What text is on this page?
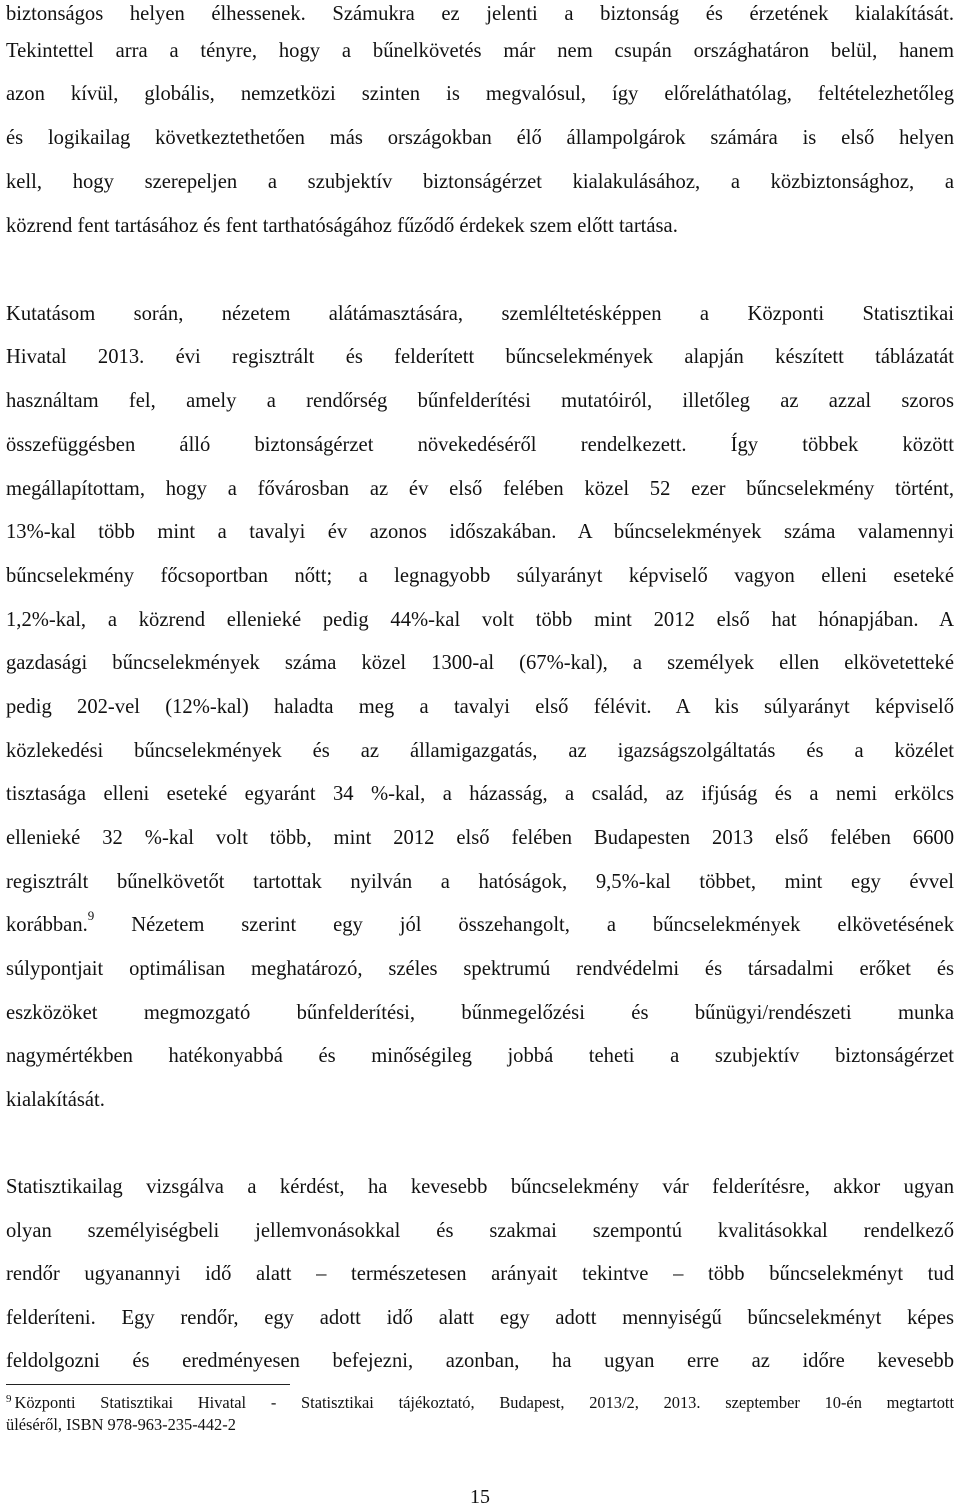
biztonságos helyen élhessenek. Számukra ez jelenti a biztonság és érzetének kialakítását.
Tekintettel arra a tényre, hogy a bűnelkövetés már nem csupán országhatáron belül, hanem
azon kívül, globális, nemzetközi szinten is megvalósul, így előreláthatólag, feltételezhetőleg
és logikailag következtethetően más országokban élő állampolgárok számára is első helyen
kell, hogy szerepeljen a szubjektív biztonságérzet kialakulásához, a közbiztonsághoz, a
közrend fent tartásához és fent tarthatóságához fűződő érdekek szem előtt tartása.
Kutatásom során, nézetem alátámasztására, szemléltetésképpen a Központi Statisztikai
Hivatal 2013. évi regisztrált és felderített bűncselekmények alapján készített táblázatát
használtam fel, amely a rendőrség bűnfelderítési mutatóiról, illetőleg az azzal szoros
összefüggésben álló biztonságérzet növekedéséről rendelkezett. Így többek között
megállapítottam, hogy a fővárosban az év első felében közel 52 ezer bűncselekmény történt,
13%-kal több mint a tavalyi év azonos időszakában. A bűncselekmények száma valamennyi
bűncselekmény főcsoportban nőtt; a legnagyobb súlyarányt képviselő vagyon elleni eseteké
1,2%-kal, a közrend ellenieké pedig 44%-kal volt több mint 2012 első hat hónapjában. A
gazdasági bűncselekmények száma közel 1300-al (67%-kal), a személyek ellen elkövetetteké
pedig 202-vel (12%-kal) haladta meg a tavalyi első félévit. A kis súlyarányt képviselő
közlekedési bűncselekmények és az államigazgatás, az igazságszolgáltatás és a közélet
tisztasága elleni eseteké egyaránt 34 %-kal, a házasság, a család, az ifjúság és a nemi erkölcs
ellenieké 32 %-kal volt több, mint 2012 első felében Budapesten 2013 első felében 6600
regisztrált bűnelkövetőt tartottak nyilván a hatóságok, 9,5%-kal többet, mint egy évvel
korábban.$^9$ Nézetem szerint egy jól összehangolt, a bűncselekmények elkövetésének
súlypontjait optimálisan meghatározó, széles spektrumú rendvédelmi és társadalmi erőket és
eszközöket megmozgató bűnfelderítési, bűnmegelőzési és bűnügyi/rendészeti munka
nagymértékben hatékonyabbá és minőségileg jobbá teheti a szubjektív biztonságérzet
kialakítását.
Statisztikailag vizsgálva a kérdést, ha kevesebb bűncselekmény vár felderítésre, akkor ugyan
olyan személyiségbeli jellemvonásokkal és szakmai szempontú kvalitásokkal rendelkező
rendőr ugyanannyi idő alatt – természetesen arányait tekintve – több bűncselekményt tud
felderíteni. Egy rendőr, egy adott idő alatt egy adott mennyiségű bűncselekményt képes
feldolgozni és eredményesen befejezni, azonban, ha ugyan erre az időre kevesebb
$^9$ Központi Statisztikai Hivatal - Statisztikai tájékoztató, Budapest, 2013/2, 2013. szeptember 10-én megtartott
üléséről, ISBN 978-963-235-442-2
15
